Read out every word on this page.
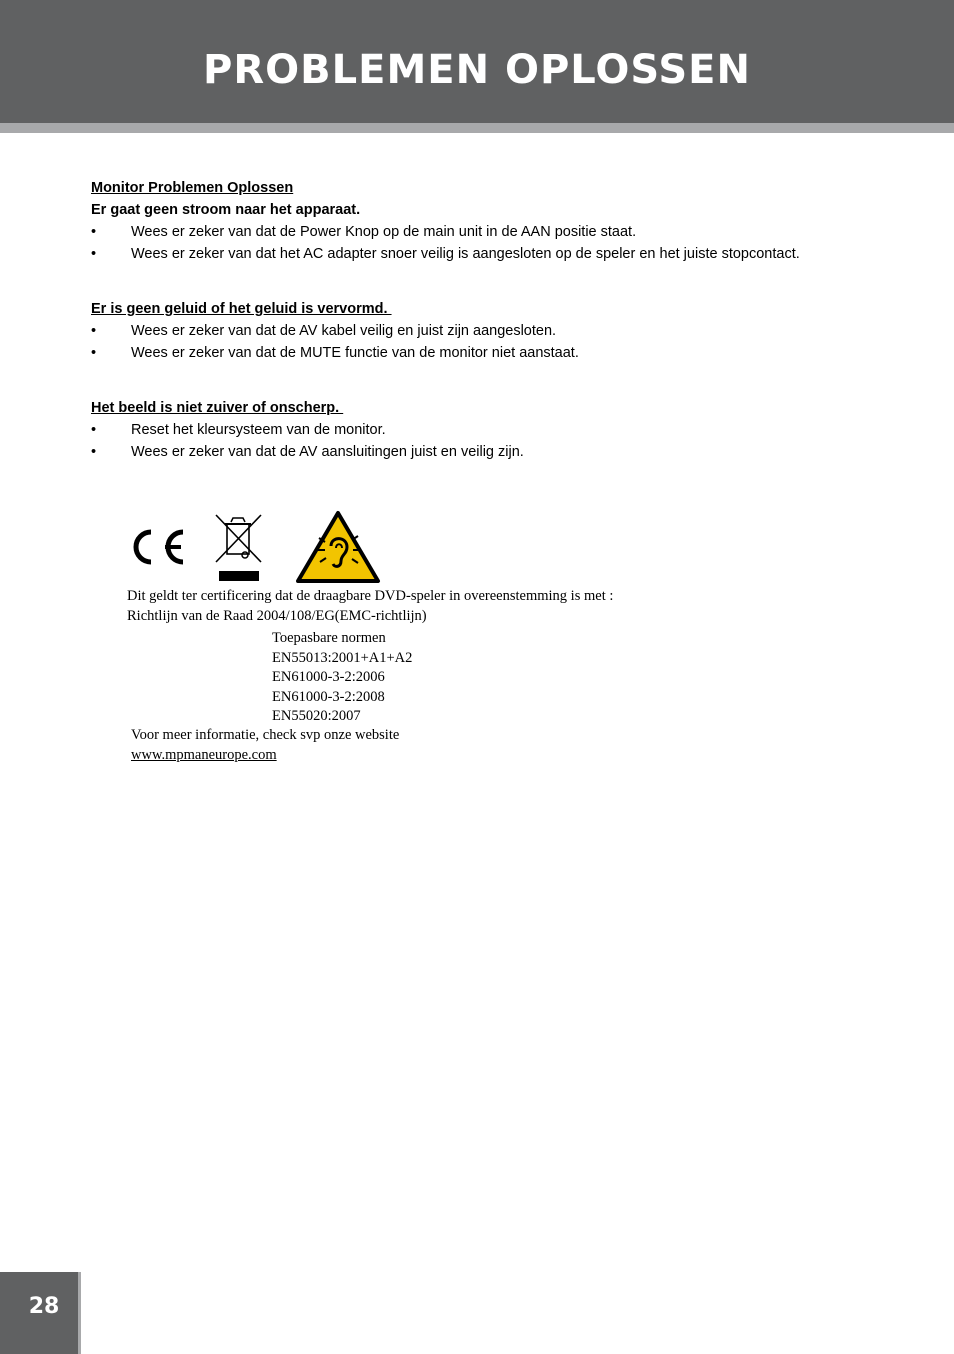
PROBLEMEN OPLOSSEN
Monitor Problemen Oplossen
Er gaat geen stroom naar het apparaat.
•	Wees er zeker van dat de Power Knop op de main unit in de AAN positie staat.
•	Wees er zeker van dat het AC adapter snoer veilig is aangesloten op de speler en het juiste stopcontact.
Er is geen geluid of het geluid is vervormd.
•	Wees er zeker van dat de AV kabel veilig en juist zijn aangesloten.
•	Wees er zeker van dat de MUTE functie van de monitor niet aanstaat.
Het beeld is niet zuiver of onscherp.
•	Reset het kleursysteem van de monitor.
•	Wees er zeker van dat de AV aansluitingen juist en veilig zijn.
Dit geldt ter certificering dat de draagbare DVD-speler in overeenstemming is met :
Richtlijn van de Raad 2004/108/EG(EMC-richtlijn)
Toepasbare normen
EN55013:2001+A1+A2
EN61000-3-2:2006
EN61000-3-2:2008
EN55020:2007
Voor meer informatie, check svp onze website
www.mpmaneurope.com
28
